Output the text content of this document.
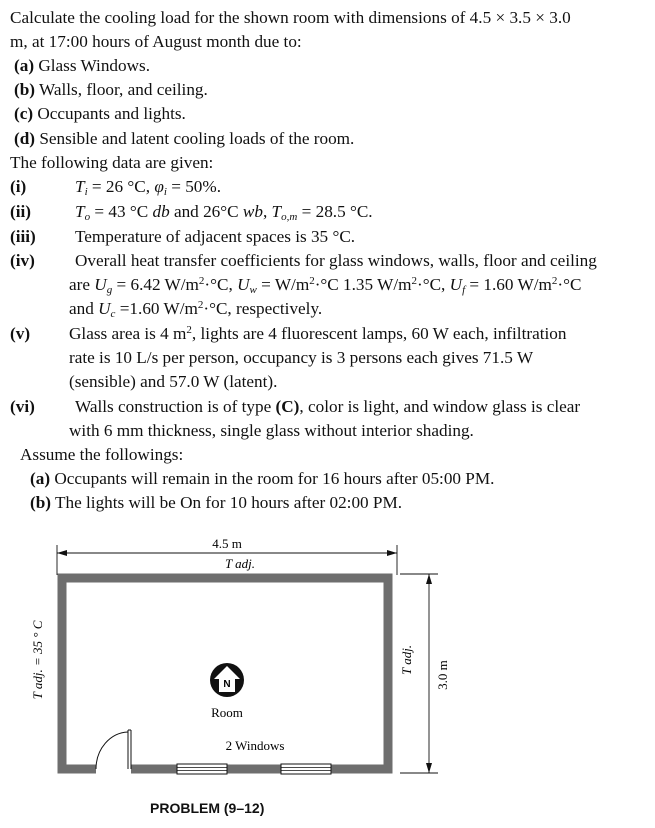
Calculate the cooling load for the shown room with dimensions of 4.5 × 3.5 × 3.0
m, at 17:00 hours of August month due to:
(a) Glass Windows.
(b) Walls, floor, and ceiling.
(c) Occupants and lights.
(d) Sensible and latent cooling loads of the room.
The following data are given:
(i)	$T_i = 26$ °C, $\varphi_i = 50\%$.
(ii)	$T_o = 43$ °C db and 26°C wb, $T_{o,m} = 28.5$ °C.
(iii) Temperature of adjacent spaces is 35 °C.
(iv) Overall heat transfer coefficients for glass windows, walls, floor and ceiling
are $U_g = 6.42$ $W/m^2\cdot^\circ C$, $U_w = W/m^2\cdot^\circ C$ 1.35 $W/m^2\cdot^\circ C$, $U_f = 1.60$ $W/m^2\cdot^\circ C$
and $U_c =1.60$ $W/m^2\cdot^\circ C$, respectively.
(v) Glass area is 4 $m^2$, lights are 4 fluorescent lamps, 60 W each, infiltration
rate is 10 L/s per person, occupancy is 3 persons each gives 71.5 W
(sensible) and 57.0 W (latent).
(vi) Walls construction is of type (C), color is light, and window glass is clear
with 6 mm thickness, single glass without interior shading.
Assume the followings:
(a) Occupants will remain in the room for 16 hours after 05:00 PM.
(b) The lights will be On for 10 hours after 02:00 PM.
4.5 m
T adj.
3.0 m
T adj.
T adj. = 35 ° C	N
Room
2 Windows
PROBLEM (9–12)
